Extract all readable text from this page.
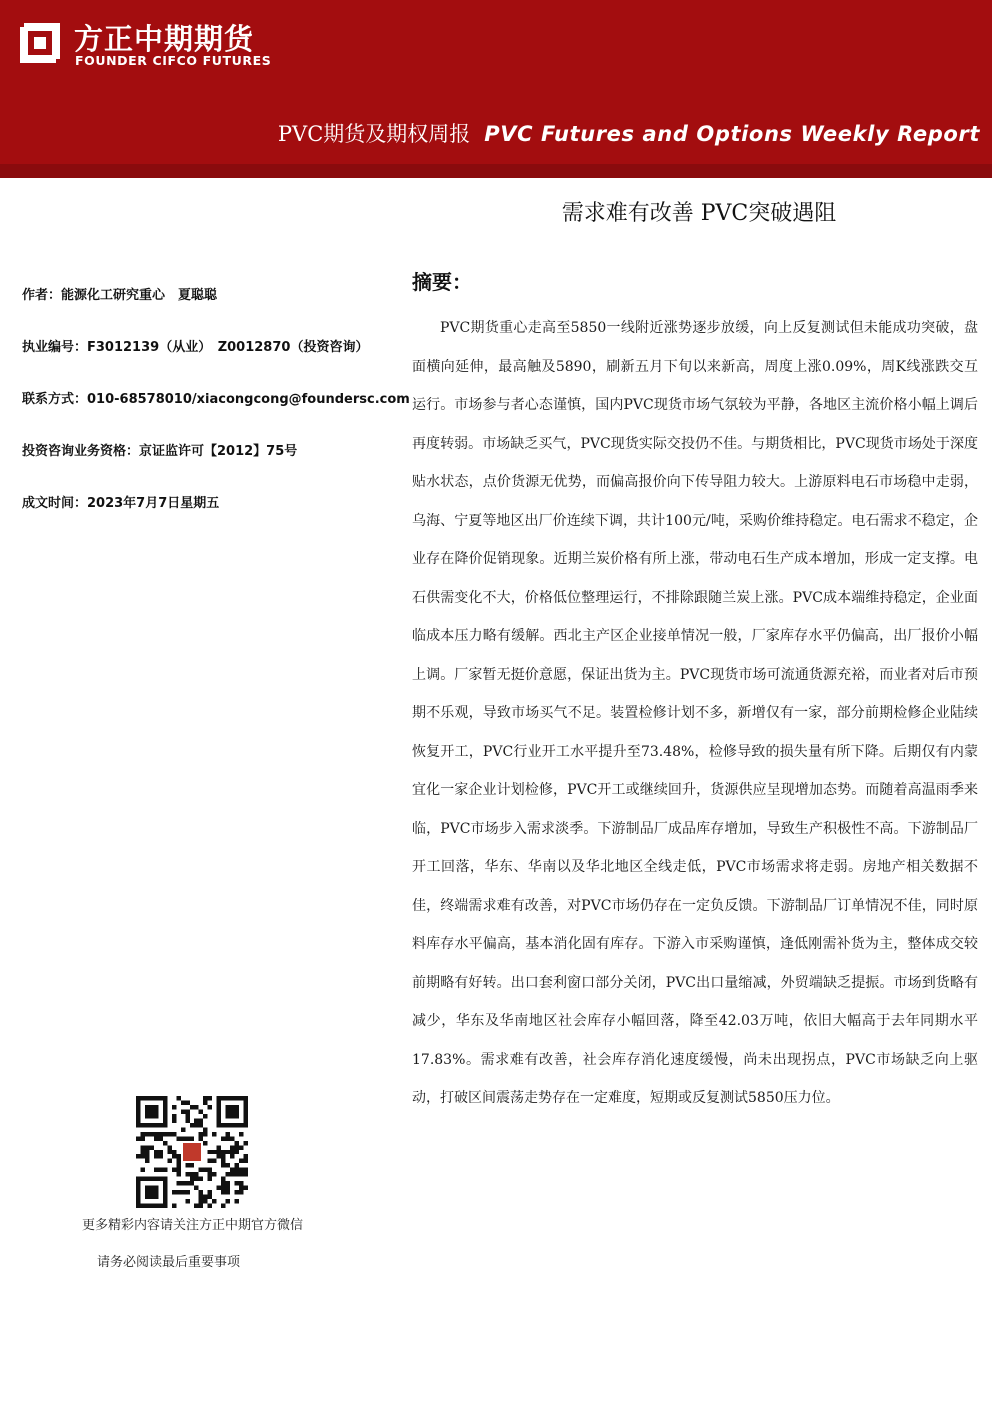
方正中期期货
FOUNDER CIFCO FUTURES
PVC期货及期权周报 PVC Futures and Options Weekly Report
需求难有改善 PVC突破遇阻
作者：能源化工研究重心　夏聪聪
执业编号：F3012139（从业）　Z0012870（投资咨询）
联系方式：010-68578010/xiacongcong@foundersc.com
投资咨询业务资格：京证监许可【2012】75号
成文时间：2023年7月7日星期五
更多精彩内容请关注方正中期官方微信
请务必阅读最后重要事项
摘要：

PVC期货重心走高至5850一线附近涨势逐步放缓，向上反复测试但未能成功突破，盘面横向延伸，最高触及5890，刷新五月下旬以来新高，周度上涨0.09%，周K线涨跌交互运行。市场参与者心态谨慎，国内PVC现货市场气氛较为平静，各地区主流价格小幅上调后再度转弱。市场缺乏买气，PVC现货实际交投仍不佳。与期货相比，PVC现货市场处于深度贴水状态，点价货源无优势，而偏高报价向下传导阻力较大。上游原料电石市场稳中走弱，乌海、宁夏等地区出厂价连续下调，共计100元/吨，采购价维持稳定。电石需求不稳定，企业存在降价促销现象。近期兰炭价格有所上涨，带动电石生产成本增加，形成一定支撑。电石供需变化不大，价格低位整理运行，不排除跟随兰炭上涨。PVC成本端维持稳定，企业面临成本压力略有缓解。西北主产区企业接单情况一般，厂家库存水平仍偏高，出厂报价小幅上调。厂家暂无挺价意愿，保证出货为主。PVC现货市场可流通货源充裕，而业者对后市预期不乐观，导致市场买气不足。装置检修计划不多，新增仅有一家，部分前期检修企业陆续恢复开工，PVC行业开工水平提升至73.48%，检修导致的损失量有所下降。后期仅有内蒙宜化一家企业计划检修，PVC开工或继续回升，货源供应呈现增加态势。而随着高温雨季来临，PVC市场步入需求淡季。下游制品厂成品库存增加，导致生产积极性不高。下游制品厂开工回落，华东、华南以及华北地区全线走低，PVC市场需求将走弱。房地产相关数据不佳，终端需求难有改善，对PVC市场仍存在一定负反馈。下游制品厂订单情况不佳，同时原料库存水平偏高，基本消化固有库存。下游入市采购谨慎，逢低刚需补货为主，整体成交较前期略有好转。出口套利窗口部分关闭，PVC出口量缩减，外贸端缺乏提振。市场到货略有减少，华东及华南地区社会库存小幅回落，降至42.03万吨，依旧大幅高于去年同期水平17.83%。需求难有改善，社会库存消化速度缓慢，尚未出现拐点，PVC市场缺乏向上驱动，打破区间震荡走势存在一定难度，短期或反复测试5850压力位。
